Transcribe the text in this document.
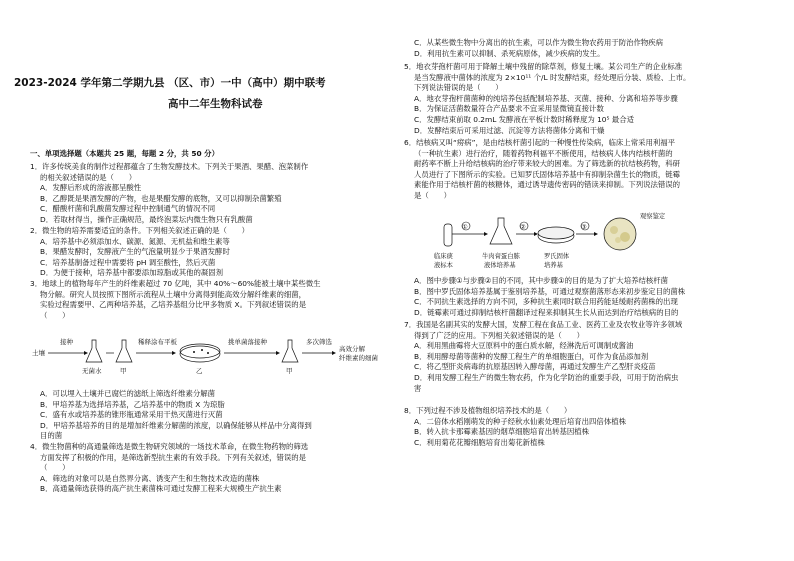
2023-2024 学年第二学期九县 （区、市）一中（高中）期中联考
高中二年生物科试卷
一、单项选择题（本题共 25 题，每题 2 分，共 50 分）

1．许多传统美食的制作过程都蕴含了生物发酵技术。下列关于果酒、果醋、泡菜制作

的相关叙述错误的是（　　）

A．发酵后形成的溶液都呈酸性

B．乙醇既是果酒发酵的产物，也是果醋发酵的底物，又可以抑制杂菌繁殖

C．醋酸杆菌和乳酸菌发酵过程中控制通气的情况不同

D．若取材得当，操作正确规范，最终泡菜坛内微生物只有乳酸菌

2．微生物的培养需要适宜的条件。下列相关叙述正确的是（　　）

A．培养基中必须添加水、碳源、氮源、无机盐和维生素等

B．果醋发酵时，发酵液产生的气泡量明显少于果酒发酵时

C．培养基制备过程中需要将 pH 调至酸性，然后灭菌

D．为便于接种，培养基中都要添加琼脂或其他的凝固剂

3．地球上的植物每年产生的纤维素超过 70 亿吨，其中 40%～60%能被土壤中某些微生

物分解。研究人员按照下图所示流程从土壤中分离得到能高效分解纤维素的细菌，

实验过程需要甲、乙两种培养基，乙培养基组分比甲多物质 X。下列叙述错误的是

（　　）

土壤
接种
无菌水	甲
稀释涂布平板
乙
挑单菌落接种
甲
多次筛选
高效分解
纤维素的细菌

A．可以埋入土壤并已腐烂的滤纸上筛选纤维素分解菌

B．甲培养基为选择培养基，乙培养基中的物质 X 为琼脂

C．盛有水或培养基的锥形瓶通常采用干热灭菌进行灭菌

D．甲培养基培养的目的是增加纤维素分解菌的浓度，以确保能够从样品中分离得到

目的菌

4．微生物菌种的高通量筛选是微生物研究领域的一场技术革命，在微生物药物的筛选

方面发挥了积极的作用，是筛选新型抗生素的有效手段。下列有关叙述，错误的是

（　　）

A．筛选的对象可以是自然界分离、诱变产生和生物技术改造的菌株

B．高通量筛选获得的高产抗生素菌株可通过发酵工程来大规模生产抗生素

C．从某些微生物中分离出的抗生素，可以作为微生物农药用于防治作物疾病

D．利用抗生素可以抑制、杀死病原体，减少疾病的发生。

5．地衣芽孢杆菌可用于降解土壤中残留的除草剂，修复土壤。某公司生产的企业标准

是当发酵液中菌体的浓度为 2×10¹¹ 个/L 时发酵结束，经处理后分装、质检、上市。

下列说法错误的是（　　）

A．地衣芽孢杆菌菌种的纯培养包括配制培养基、灭菌、接种、分离和培养等步骤

B．为保证活菌数量符合产品要求不宜采用显微镜直接计数

C．发酵结束前取 0.2mL 发酵液在平板计数时稀释度为 10⁵ 最合适

D．发酵结束后可采用过滤、沉淀等方法将菌体分离和干燥

6．结核病又叫“痨病”，是由结核杆菌引起的一种慢性传染病，临床上常采用利福平

（一种抗生素）进行治疗，随着药物利福平不断使用，结核病人体内结核杆菌的

耐药率不断上升给结核病的治疗带来较大的困难。为了筛选新的抗结核药物，科研

人员进行了下图所示的实验。已知罗氏固体培养基中有抑制杂菌生长的物质，链霉

素能作用于结核杆菌的核糖体，通过诱导遗传密码的错读来抑制。下列说法错误的

是（　　）

①	②	③
观察鉴定
临床痰
液标本
牛肉膏蛋白胨
液体培养基
罗氏固体
培养基

A．图中步骤①与步骤②目的不同，其中步骤①的目的是为了扩大培养结核杆菌

B．图中罗氏固体培养基属于鉴别培养基，可通过观察菌落形态来初步鉴定目的菌株

C．不同抗生素选择的方向不同，多种抗生素同时联合用药能延缓耐药菌株的出现

D．链霉素可通过抑制结核杆菌翻译过程来抑制其生长从而达到治疗结核病的目的

7．我国是名副其实的发酵大国，发酵工程在食品工业、医药工业及农牧业等许多领域

得到了广泛的应用。下列相关叙述错误的是（　　）

A．利用黑曲霉将大豆原料中的蛋白质水解，经淋洗后可调制成酱油

B．利用酵母菌等菌种的发酵工程生产的单细胞蛋白，可作为食品添加剂

C．将乙型肝炎病毒的抗原基因转入酵母菌，再通过发酵生产乙型肝炎疫苗

D．利用发酵工程生产的微生物农药，作为化学防治的重要手段，可用于防治病虫

害

8．下列过程不涉及植物组织培养技术的是（　　）

A．二倍体水稻刚萌发的种子经秋水仙素处理后培育出四倍体植株

B．转入抗卡那霉素基因的烟草细胞培育出转基因植株

C．利用菊花花瓣细胞培育出菊花新植株
